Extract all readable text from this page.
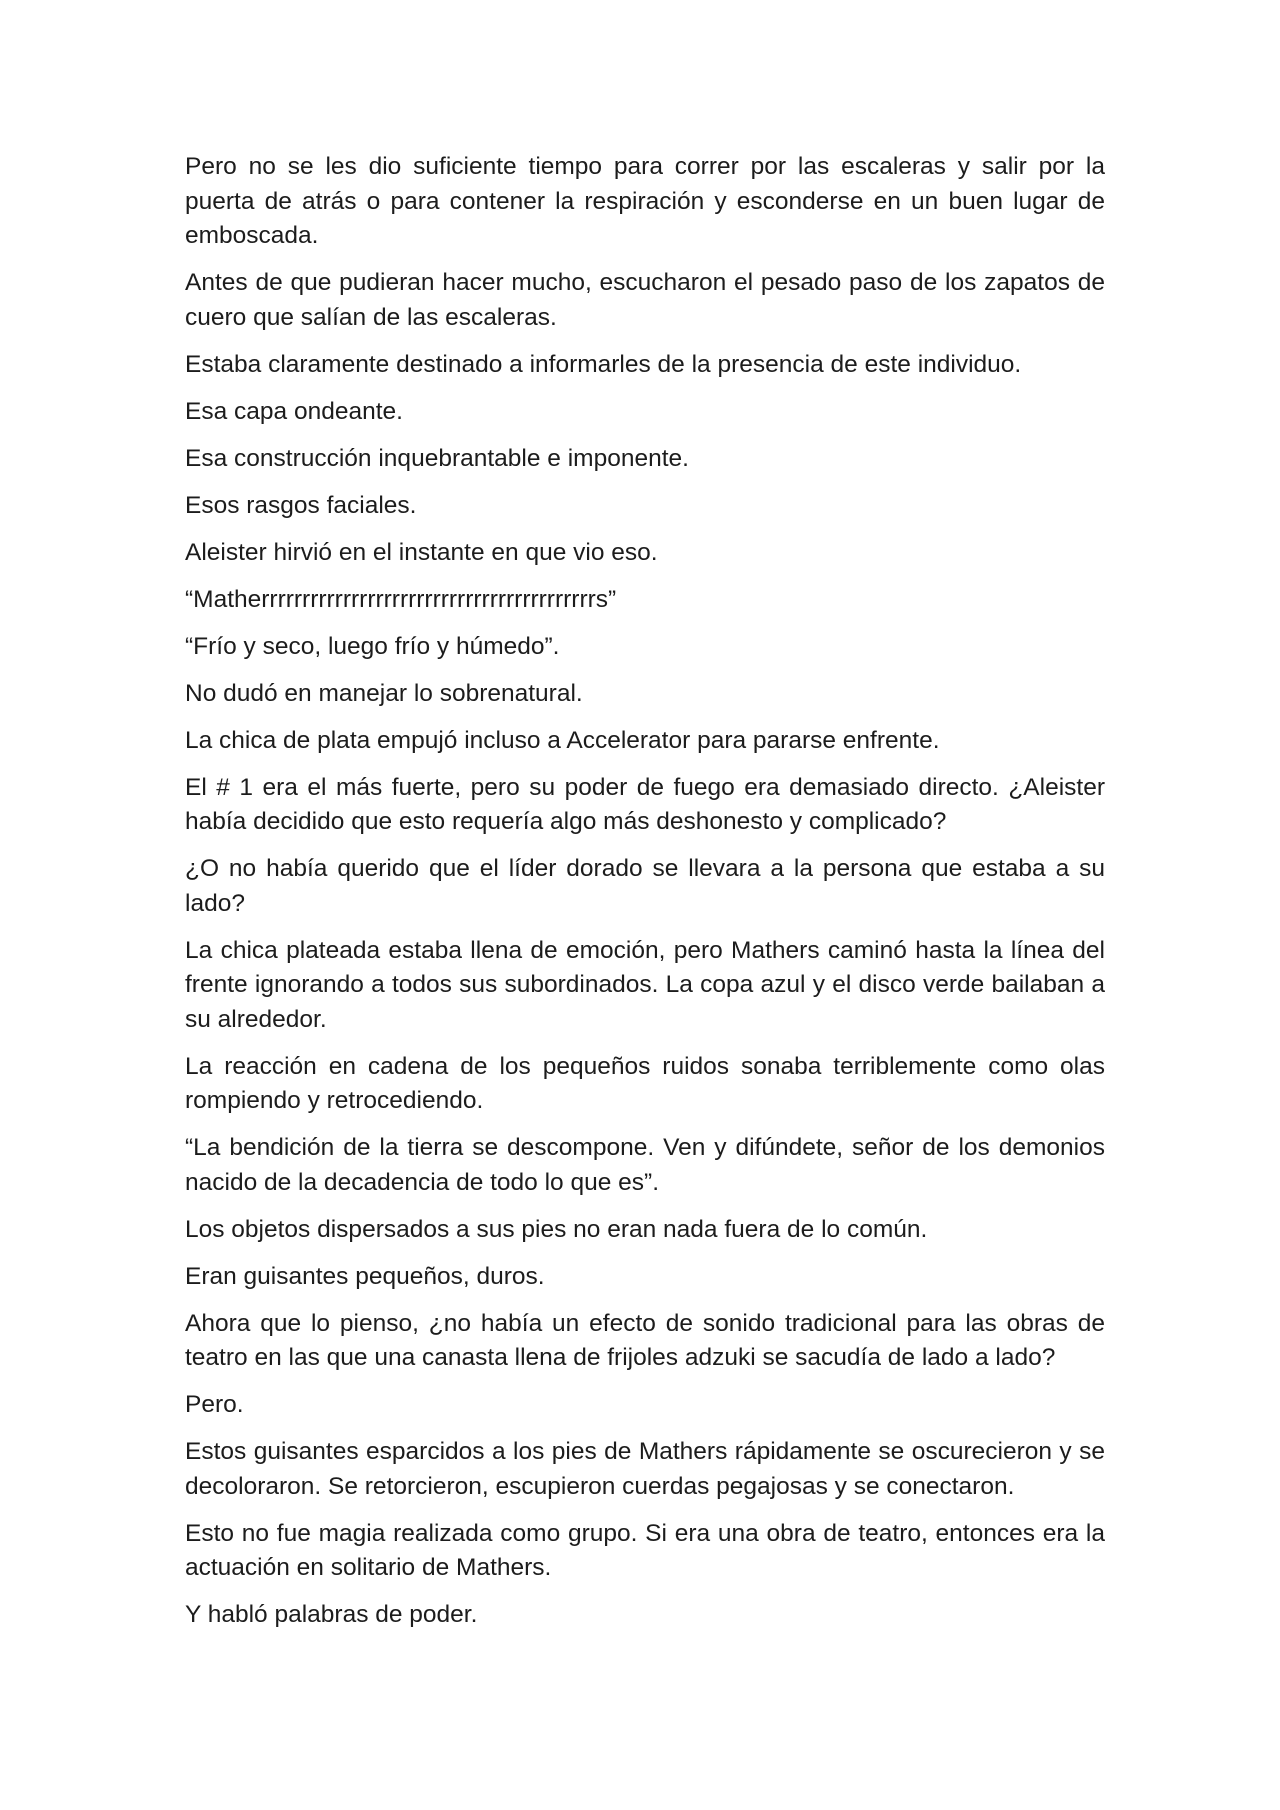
Pero no se les dio suficiente tiempo para correr por las escaleras y salir por la puerta de atrás o para contener la respiración y esconderse en un buen lugar de emboscada.

Antes de que pudieran hacer mucho, escucharon el pesado paso de los zapatos de cuero que salían de las escaleras.

Estaba claramente destinado a informarles de la presencia de este individuo.

Esa capa ondeante.

Esa construcción inquebrantable e imponente.

Esos rasgos faciales.

Aleister hirvió en el instante en que vio eso.

“Matherrrrrrrrrrrrrrrrrrrrrrrrrrrrrrrrrrrrrrrrrs”

“Frío y seco, luego frío y húmedo”.

No dudó en manejar lo sobrenatural.

La chica de plata empujó incluso a Accelerator para pararse enfrente.

El # 1 era el más fuerte, pero su poder de fuego era demasiado directo. ¿Aleister había decidido que esto requería algo más deshonesto y complicado?

¿O no había querido que el líder dorado se llevara a la persona que estaba a su lado?

La chica plateada estaba llena de emoción, pero Mathers caminó hasta la línea del frente ignorando a todos sus subordinados. La copa azul y el disco verde bailaban a su alrededor.

La reacción en cadena de los pequeños ruidos sonaba terriblemente como olas rompiendo y retrocediendo.

“La bendición de la tierra se descompone. Ven y difúndete, señor de los demonios nacido de la decadencia de todo lo que es”.

Los objetos dispersados a sus pies no eran nada fuera de lo común.

Eran guisantes pequeños, duros.

Ahora que lo pienso, ¿no había un efecto de sonido tradicional para las obras de teatro en las que una canasta llena de frijoles adzuki se sacudía de lado a lado?

Pero.

Estos guisantes esparcidos a los pies de Mathers rápidamente se oscurecieron y se decoloraron. Se retorcieron, escupieron cuerdas pegajosas y se conectaron.

Esto no fue magia realizada como grupo. Si era una obra de teatro, entonces era la actuación en solitario de Mathers.

Y habló palabras de poder.
